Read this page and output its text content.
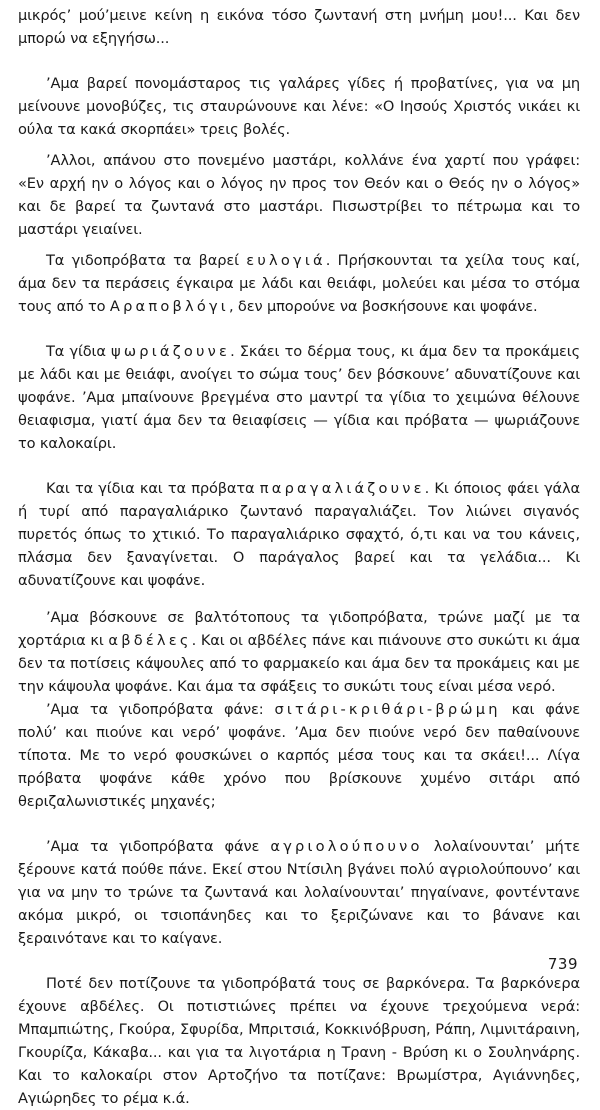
μικρός’ μού’μεινε κείνη η εικόνα τόσο ζωντανή στη μνήμη μου!... Και δεν μπορώ να εξηγήσω...

’Αμα βαρεί πονομάσταρος τις γαλάρες γίδες ή προβατίνες, για να μη μείνουνε μονοβύζες, τις σταυρώνουνε και λένε: «Ο Ιησούς Χριστός νικάει κι ούλα τα κακά σκορπάει» τρεις βολές.

’Αλλοι, απάνου στο πονεμένο μαστάρι, κολλάνε ένα χαρτί που γράφει: «Εν αρχή ην ο λόγος και ο λόγος ην προς τον Θεόν και ο Θεός ην ο λόγος» και δε βαρεί τα ζωντανά στο μαστάρι. Πισωστρίβει το πέτρωμα και το μαστάρι γειαίνει.

Τα γιδοπρόβατα τα βαρεί ευλογιά. Πρήσκουνται τα χείλα τους καί, άμα δεν τα περάσεις έγκαιρα με λάδι και θειάφι, μολεύει και μέσα το στόμα τους από το Αραποβλόγι, δεν μπορούνε να βοσκήσουνε και ψοφάνε.

Τα γίδια ψωριάζουνε. Σκάει το δέρμα τους, κι άμα δεν τα προκάμεις με λάδι και με θειάφι, ανοίγει το σώμα τους’ δεν βόσκουνε’ αδυνατίζουνε και ψοφάνε. ’Αμα μπαίνουνε βρεγμένα στο μαντρί τα γίδια το χειμώνα θέλουνε θειαφισμα, γιατί άμα δεν τα θειαφίσεις — γίδια και πρόβατα — ψωριάζουνε το καλοκαίρι.

Και τα γίδια και τα πρόβατα παραγαλιάζουνε. Κι όποιος φάει γάλα ή τυρί από παραγαλιάρικο ζωντανό παραγαλιάζει. Τον λιώνει σιγανός πυρετός όπως το χτικιό. Το παραγαλιάρικο σφαχτό, ό,τι και να του κάνεις, πλάσμα δεν ξαναγίνεται. Ο παράγαλος βαρεί και τα γελάδια... Κι αδυνατίζουνε και ψοφάνε.

’Αμα βόσκουνε σε βαλτότοπους τα γιδοπρόβατα, τρώνε μαζί με τα χορτάρια κι αβδέλες. Και οι αβδέλες πάνε και πιάνουνε στο συκώτι κι άμα δεν τα ποτίσεις κάψουλες από το φαρμακείο και άμα δεν τα προκάμεις και με την κάψουλα ψοφάνε. Και άμα τα σφάξεις το συκώτι τους είναι μέσα νερό.

’Αμα τα γιδοπρόβατα φάνε: σιτάρι-κριθάρι-βρώμη και φάνε πολύ’ και πιούνε και νερό’ ψοφάνε. ’Αμα δεν πιούνε νερό δεν παθαίνουνε τίποτα. Με το νερό φουσκώνει ο καρπός μέσα τους και τα σκάει!... Λίγα πρόβατα ψοφάνε κάθε χρόνο που βρίσκουνε χυμένο σιτάρι από θεριζαλωνιστικές μηχανές;

’Αμα τα γιδοπρόβατα φάνε αγριολούπουνο λολαίνουνται’ μήτε ξέρουνε κατά πούθε πάνε. Εκεί στου Ντίσιλη βγάνει πολύ αγριολούπουνο’ και για να μην το τρώνε τα ζωντανά και λολαίνουνται’ πηγαίνανε, φοντέντανε ακόμα μικρό, οι τσιοπάνηδες και το ξεριζώνανε και το βάνανε και ξεραινότανε και το καίγανε.

Ποτέ δεν ποτίζουνε τα γιδοπρόβατά τους σε βαρκόνερα. Τα βαρκόνερα έχουνε αβδέλες. Οι ποτιστιώνες πρέπει να έχουνε τρεχούμενα νερά: Μπαμπιώτης, Γκούρα, Σφυρίδα, Μπριτσιά, Κοκκινόβρυση, Ράπη, Λιμνιτάραινη, Γκουρίζα, Κάκαβα... και για τα λιγοτάρια η Τρανη - Βρύση κι ο Σουληνάρης. Και το καλοκαίρι στον Αρτοζήνο τα ποτίζανε: Βρωμίστρα, Αγιάννηδες, Αγιώρηδες το ρέμα κ.ά.

739
